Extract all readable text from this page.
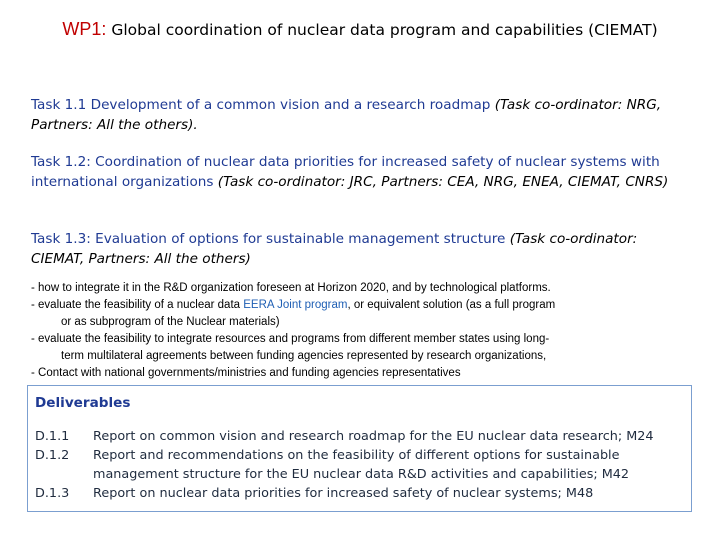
WP1: Global coordination of nuclear data program and capabilities (CIEMAT)
Task 1.1 Development of a common vision and a research roadmap (Task co-ordinator: NRG, Partners: All the others).
Task 1.2: Coordination of nuclear data priorities for increased safety of nuclear systems with international organizations (Task co-ordinator: JRC, Partners: CEA, NRG, ENEA, CIEMAT, CNRS)
Task 1.3: Evaluation of options for sustainable management structure (Task co-ordinator: CIEMAT, Partners: All the others)

- how to integrate it in the R&D organization foreseen at Horizon 2020, and by technological platforms.

- evaluate the feasibility of a nuclear data EERA Joint program, or equivalent solution (as a full program

or as subprogram of the Nuclear materials)

- evaluate the feasibility to integrate resources and programs from different member states using long-

term multilateral agreements between funding agencies represented by research organizations,

- Contact with national governments/ministries and funding agencies representatives

Deliverables
D.1.1	Report on common vision and research roadmap for the EU nuclear data research; M24
D.1.2	Report and recommendations on the feasibility of different options for sustainable management structure for the EU nuclear data R&D activities and capabilities; M42
D.1.3	Report on nuclear data priorities for increased safety of nuclear systems; M48
